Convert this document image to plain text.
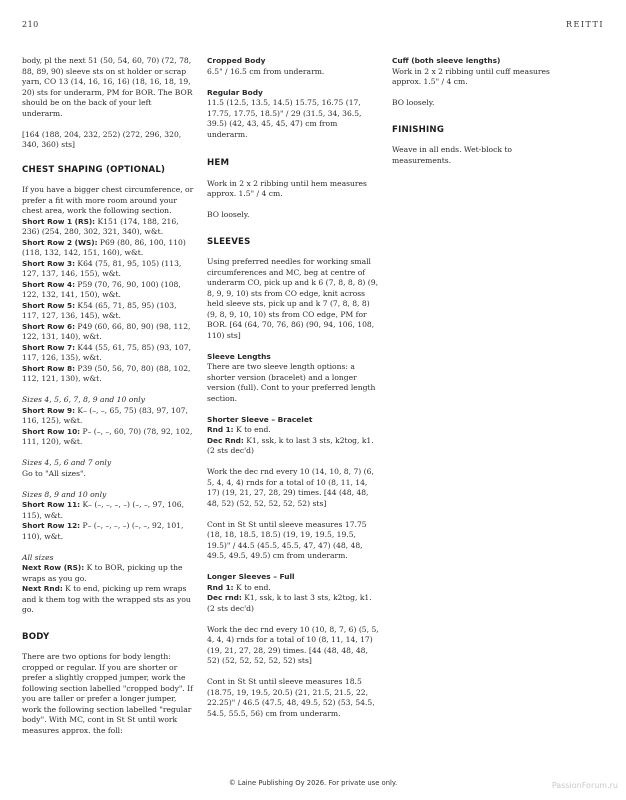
210	REITTI

body, pl the next 51 (50, 54, 60, 70) (72, 78, 88, 89, 90) sleeve sts on st holder or scrap yarn, CO 13 (14, 16, 16, 16) (18, 16, 18, 19, 20) sts for underarm, PM for BOR. The BOR should be on the back of your left underarm.

[164 (188, 204, 232, 252) (272, 296, 320, 340, 360) sts]

CHEST SHAPING (OPTIONAL)

If you have a bigger chest circumference, or prefer a fit with more room around your chest area, work the following section.

Short Row 1 (RS): K151 (174, 188, 216, 236) (254, 280, 302, 321, 340), w&t.
Short Row 2 (WS): P69 (80, 86, 100, 110) (118, 132, 142, 151, 160), w&t.
Short Row 3: K64 (75, 81, 95, 105) (113, 127, 137, 146, 155), w&t.
Short Row 4: P59 (70, 76, 90, 100) (108, 122, 132, 141, 150), w&t.
Short Row 5: K54 (65, 71, 85, 95) (103, 117, 127, 136, 145), w&t.
Short Row 6: P49 (60, 66, 80, 90) (98, 112, 122, 131, 140), w&t.
Short Row 7: K44 (55, 61, 75, 85) (93, 107, 117, 126, 135), w&t.
Short Row 8: P39 (50, 56, 70, 80) (88, 102, 112, 121, 130), w&t.
Sizes 4, 5, 6, 7, 8, 9 and 10 only
Short Row 9: K– (–, –, 65, 75) (83, 97, 107, 116, 125), w&t.
Short Row 10: P– (–, –, 60, 70) (78, 92, 102, 111, 120), w&t.
Sizes 4, 5, 6 and 7 only

Go to "All sizes".

Sizes 8, 9 and 10 only
Short Row 11: K– (–, –, –, –) (–, –, 97, 106, 115), w&t.
Short Row 12: P– (–, –, –, –) (–, –, 92, 101, 110), w&t.
All sizes
Next Row (RS): K to BOR, picking up the wraps as you go.
Next Rnd: K to end, picking up rem wraps and k them tog with the wrapped sts as you go.
BODY

There are two options for body length: cropped or regular. If you are shorter or prefer a slightly cropped jumper, work the following section labelled "cropped body". If you are taller or prefer a longer jumper, work the following section labelled "regular body". With MC, cont in St St until work measures approx. the foll:

Cropped Body

6.5" / 16.5 cm from underarm.

Regular Body

11.5 (12.5, 13.5, 14.5) 15.75, 16.75 (17, 17.75, 17.75, 18.5)" / 29 (31.5, 34, 36.5, 39.5) (42, 43, 45, 45, 47) cm from underarm.

HEM

Work in 2 x 2 ribbing until hem measures approx. 1.5" / 4 cm.

BO loosely.

SLEEVES

Using preferred needles for working small circumferences and MC, beg at centre of underarm CO, pick up and k 6 (7, 8, 8, 8) (9, 8, 9, 9, 10) sts from CO edge, knit across held sleeve sts, pick up and k 7 (7, 8, 8, 8) (9, 8, 9, 10, 10) sts from CO edge, PM for BOR. [64 (64, 70, 76, 86) (90, 94, 106, 108, 110) sts]

Sleeve Lengths

There are two sleeve length options: a shorter version (bracelet) and a longer version (full). Cont to your preferred length section.

Shorter Sleeve – Bracelet
Rnd 1: K to end.

Dec Rnd: K1, ssk, k to last 3 sts, k2tog, k1. (2 sts dec'd)

Work the dec rnd every 10 (14, 10, 8, 7) (6, 5, 4, 4, 4) rnds for a total of 10 (8, 11, 14, 17) (19, 21, 27, 28, 29) times. [44 (48, 48, 48, 52) (52, 52, 52, 52, 52) sts]

Cont in St St until sleeve measures 17.75 (18, 18, 18.5, 18.5) (19, 19, 19.5, 19.5, 19.5)" / 44.5 (45.5, 45.5, 47, 47) (48, 48, 49.5, 49.5, 49.5) cm from underarm.

Longer Sleeves – Full
Rnd 1: K to end.

Dec rnd: K1, ssk, k to last 3 sts, k2tog, k1. (2 sts dec'd)

Work the dec rnd every 10 (10, 8, 7, 6) (5, 5, 4, 4, 4) rnds for a total of 10 (8, 11, 14, 17) (19, 21, 27, 28, 29) times. [44 (48, 48, 48, 52) (52, 52, 52, 52, 52) sts]

Cont in St St until sleeve measures 18.5 (18.75, 19, 19.5, 20.5) (21, 21.5, 21.5, 22, 22.25)" / 46.5 (47.5, 48, 49.5, 52) (53, 54.5, 54.5, 55.5, 56) cm from underarm.

Cuff (both sleeve lengths)

Work in 2 x 2 ribbing until cuff measures approx. 1.5" / 4 cm.

BO loosely.

FINISHING

Weave in all ends. Wet-block to measurements.

© Laine Publishing Oy 2026. For private use only.	PassionForum.ru
